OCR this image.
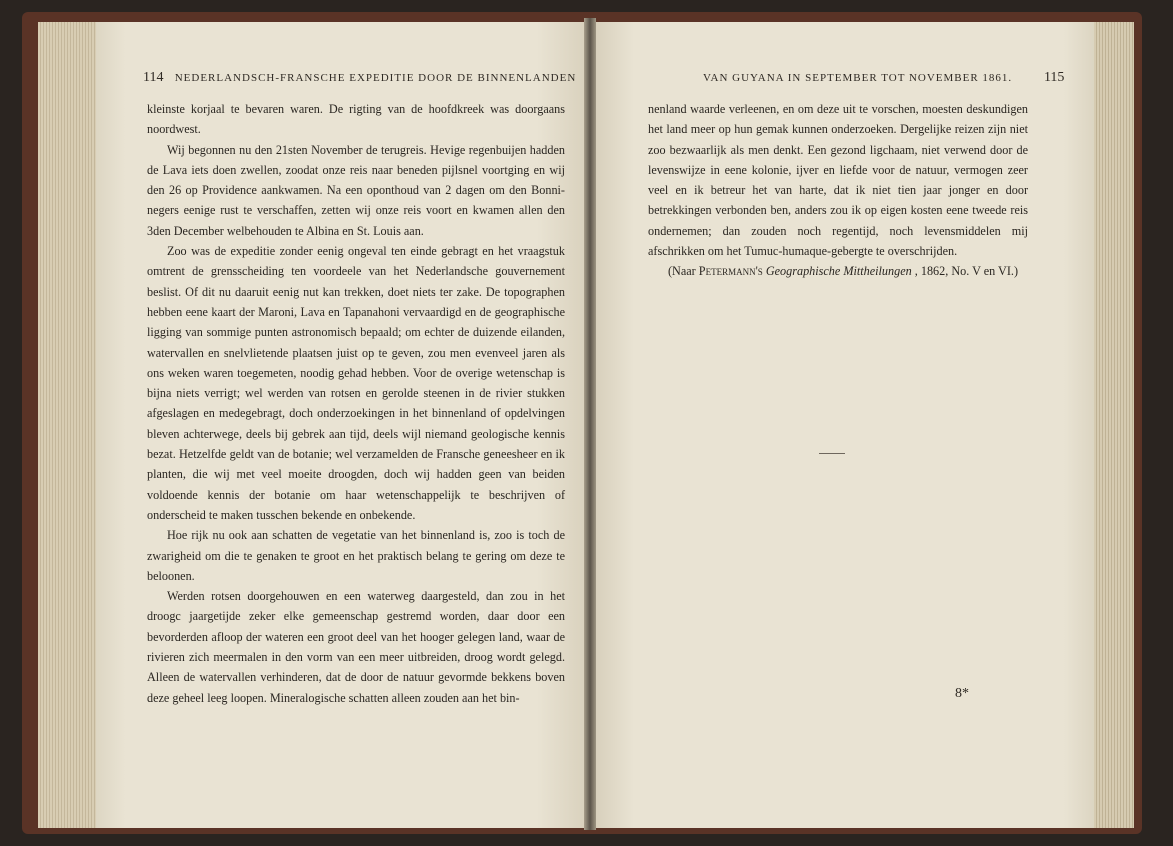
114 NEDERLANDSCH-FRANSCHE EXPEDITIE DOOR DE BINNENLANDEN	VAN GUYANA IN SEPTEMBER TOT NOVEMBER 1861. 115

kleinste korjaal te bevaren waren. De rigting van de hoofdkreek was doorgaans noordwest.

Wij begonnen nu den 21sten November de terugreis. Hevige regenbuijen hadden de Lava iets doen zwellen, zoodat onze reis naar beneden pijlsnel voortging en wij den 26 op Providence aankwamen. Na een oponthoud van 2 dagen om den Bonni-negers eenige rust te verschaffen, zetten wij onze reis voort en kwamen allen den 3den December welbehouden te Albina en St. Louis aan.

Zoo was de expeditie zonder eenig ongeval ten einde gebragt en het vraagstuk omtrent de grensscheiding ten voordeele van het Nederlandsche gouvernement beslist. Of dit nu daaruit eenig nut kan trekken, doet niets ter zake. De topographen hebben eene kaart der Maroni, Lava en Tapanahoni vervaardigd en de geographische ligging van sommige punten astronomisch bepaald; om echter de duizende eilanden, watervallen en snelvlietende plaatsen juist op te geven, zou men evenveel jaren als ons weken waren toegemeten, noodig gehad hebben. Voor de overige wetenschap is bijna niets verrigt; wel werden van rotsen en gerolde steenen in de rivier stukken afgeslagen en medegebragt, doch onderzoekingen in het binnenland of opdelvingen bleven achterwege, deels bij gebrek aan tijd, deels wijl niemand geologische kennis bezat. Hetzelfde geldt van de botanie; wel verzamelden de Fransche geneesheer en ik planten, die wij met veel moeite droogden, doch wij hadden geen van beiden voldoende kennis der botanie om haar wetenschappelijk te beschrijven of onderscheid te maken tusschen bekende en onbekende.

Hoe rijk nu ook aan schatten de vegetatie van het binnenland is, zoo is toch de zwarigheid om die te genaken te groot en het praktisch belang te gering om deze te beloonen.

Werden rotsen doorgehouwen en een waterweg daargesteld, dan zou in het droogc jaargetijde zeker elke gemeenschap gestremd worden, daar door een bevorderden afloop der wateren een groot deel van het hooger gelegen land, waar de rivieren zich meermalen in den vorm van een meer uitbreiden, droog wordt gelegd. Alleen de watervallen verhinderen, dat de door de natuur gevormde bekkens boven deze geheel leeg loopen. Mineralogische schatten alleen zouden aan het bin-

nenland waarde verleenen, en om deze uit te vorschen, moesten deskundigen het land meer op hun gemak kunnen onderzoeken. Dergelijke reizen zijn niet zoo bezwaarlijk als men denkt. Een gezond ligchaam, niet verwend door de levenswijze in eene kolonie, ijver en liefde voor de natuur, vermogen zeer veel en ik betreur het van harte, dat ik niet tien jaar jonger en door betrekkingen verbonden ben, anders zou ik op eigen kosten eene tweede reis ondernemen; dan zouden noch regentijd, noch levensmiddelen mij afschrikken om het Tumuc-humaque-gebergte te overschrijden.

(Naar Petermann's Geographische Mittheilungen , 1862, No. V en VI.)

8*
